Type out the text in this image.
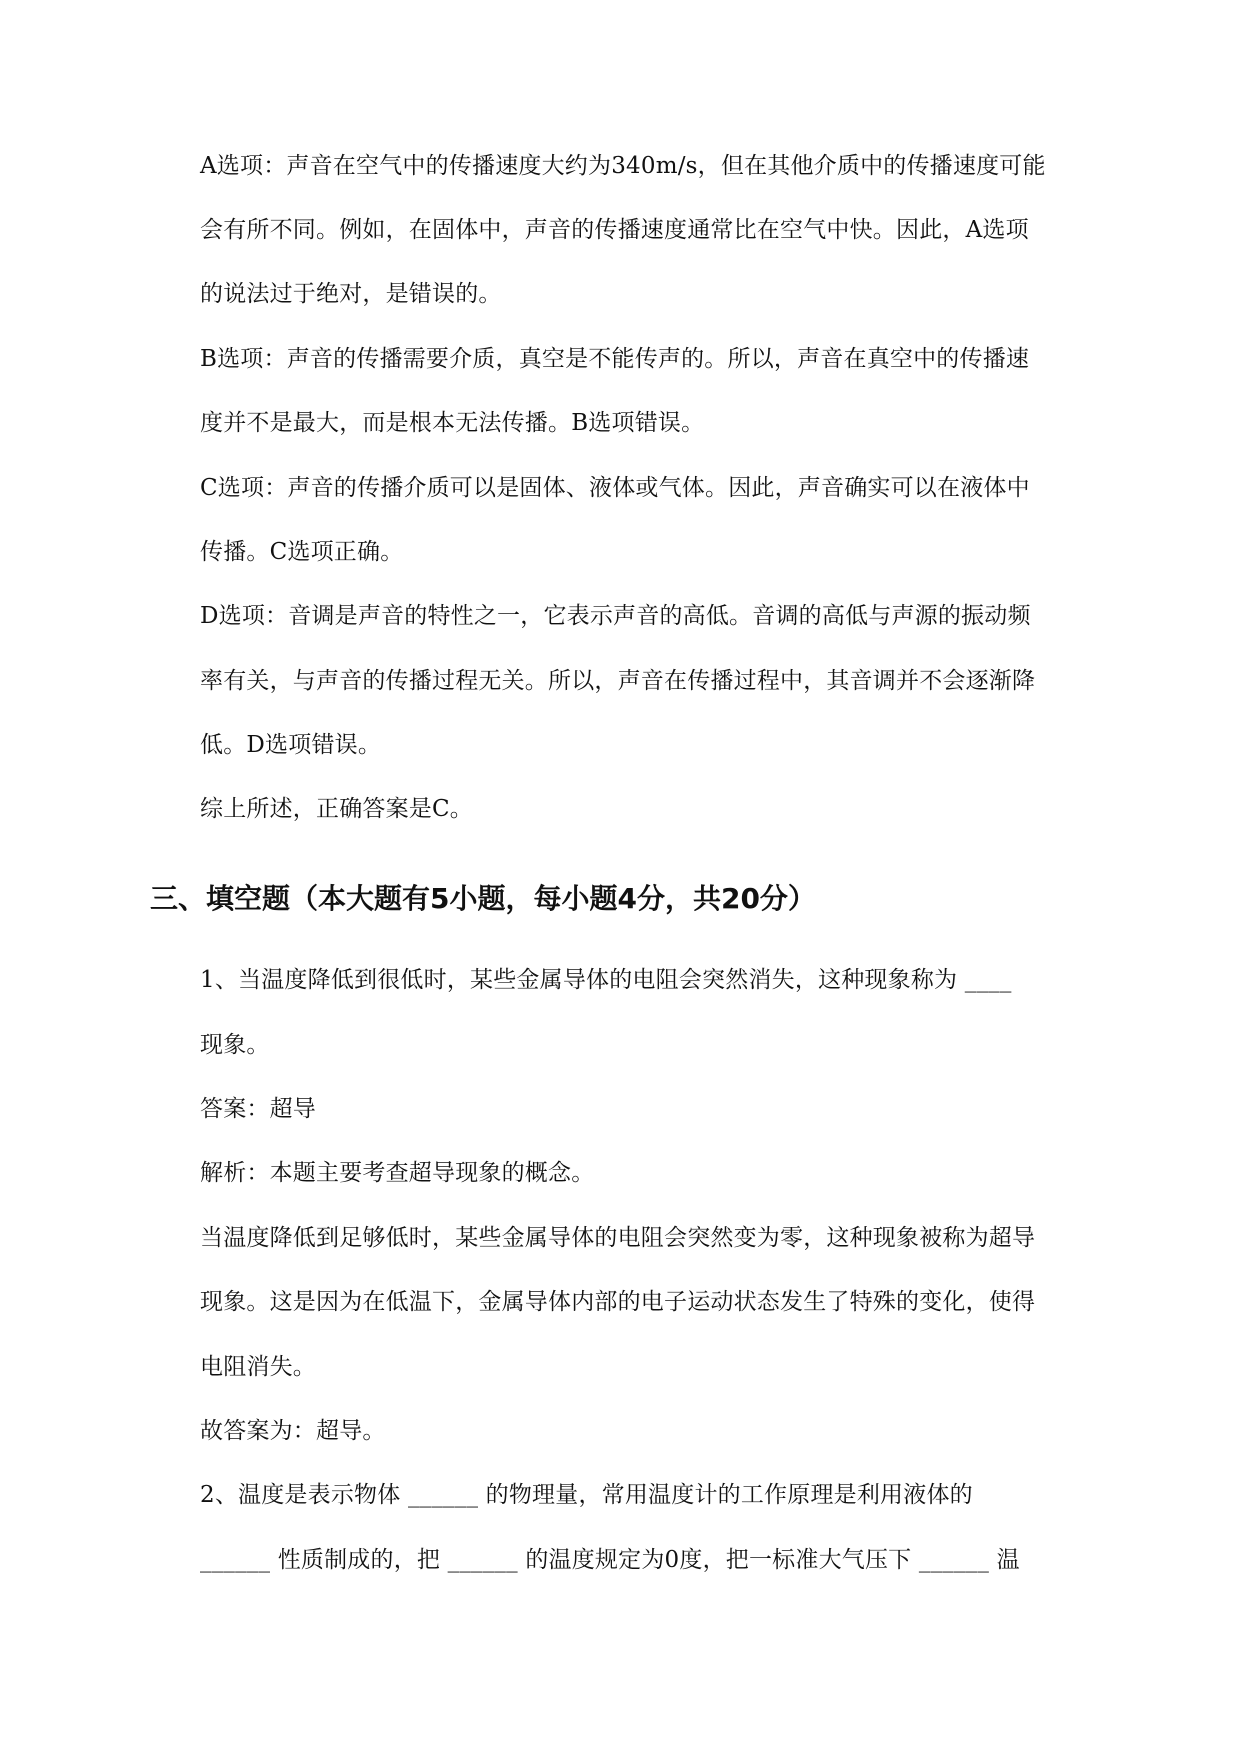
A选项：声音在空气中的传播速度大约为340m/s，但在其他介质中的传播速度可能
会有所不同。例如，在固体中，声音的传播速度通常比在空气中快。因此，A选项
的说法过于绝对，是错误的。
B选项：声音的传播需要介质，真空是不能传声的。所以，声音在真空中的传播速
度并不是最大，而是根本无法传播。B选项错误。
C选项：声音的传播介质可以是固体、液体或气体。因此，声音确实可以在液体中
传播。C选项正确。
D选项：音调是声音的特性之一，它表示声音的高低。音调的高低与声源的振动频
率有关，与声音的传播过程无关。所以，声音在传播过程中，其音调并不会逐渐降
低。D选项错误。
综上所述，正确答案是C。
三、填空题（本大题有5小题，每小题4分，共20分）
1、当温度降低到很低时，某些金属导体的电阻会突然消失，这种现象称为 ____
现象。
答案：超导
解析：本题主要考查超导现象的概念。
当温度降低到足够低时，某些金属导体的电阻会突然变为零，这种现象被称为超导
现象。这是因为在低温下，金属导体内部的电子运动状态发生了特殊的变化，使得
电阻消失。
故答案为：超导。
2、温度是表示物体 ______ 的物理量，常用温度计的工作原理是利用液体的
______ 性质制成的，把 ______ 的温度规定为0度，把一标准大气压下 ______ 温
